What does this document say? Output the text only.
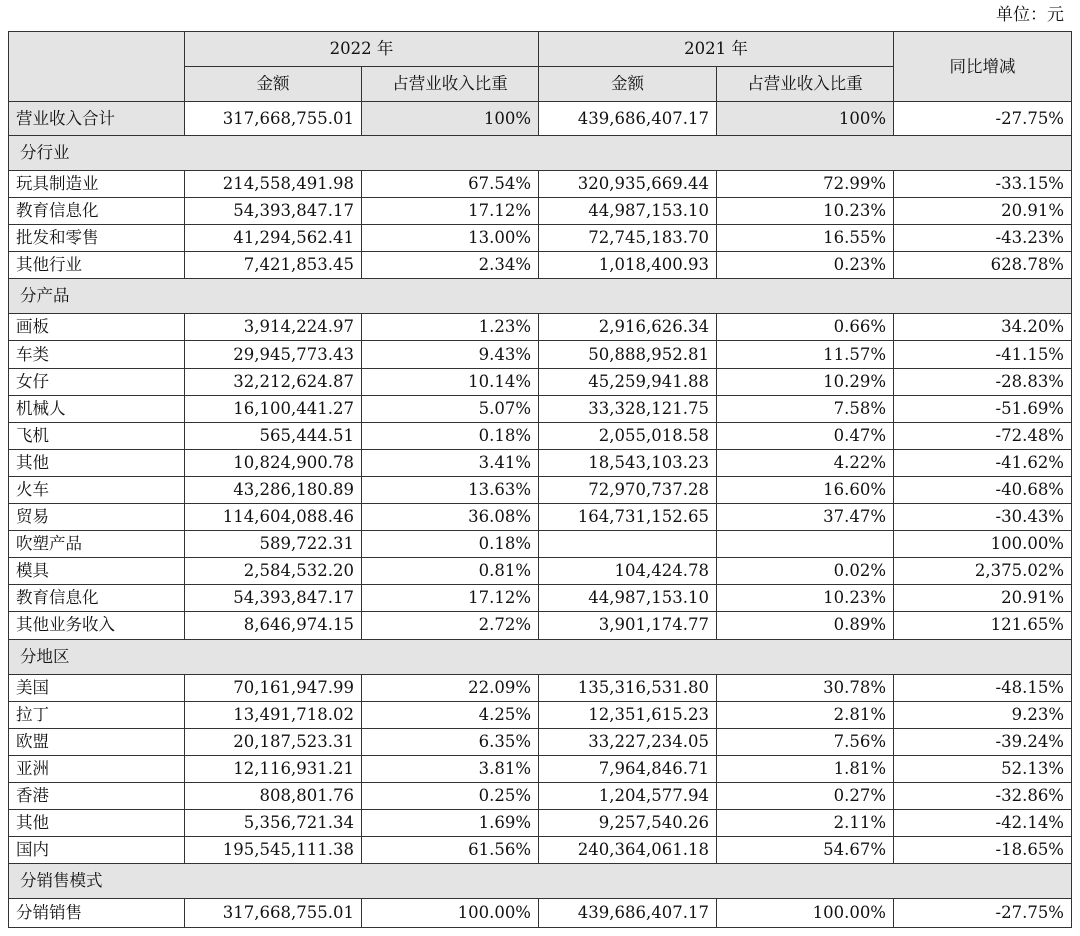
单位：元
	2022 年		2021 年		同比增减
	金额	占营业收入比重	金额	占营业收入比重	
营业收入合计	317,668,755.01	100%	439,686,407.17	100%	-27.75%
分行业					
玩具制造业	214,558,491.98	67.54%	320,935,669.44	72.99%	-33.15%
教育信息化	54,393,847.17	17.12%	44,987,153.10	10.23%	20.91%
批发和零售	41,294,562.41	13.00%	72,745,183.70	16.55%	-43.23%
其他行业	7,421,853.45	2.34%	1,018,400.93	0.23%	628.78%
分产品					
画板	3,914,224.97	1.23%	2,916,626.34	0.66%	34.20%
车类	29,945,773.43	9.43%	50,888,952.81	11.57%	-41.15%
女仔	32,212,624.87	10.14%	45,259,941.88	10.29%	-28.83%
机械人	16,100,441.27	5.07%	33,328,121.75	7.58%	-51.69%
飞机	565,444.51	0.18%	2,055,018.58	0.47%	-72.48%
其他	10,824,900.78	3.41%	18,543,103.23	4.22%	-41.62%
火车	43,286,180.89	13.63%	72,970,737.28	16.60%	-40.68%
贸易	114,604,088.46	36.08%	164,731,152.65	37.47%	-30.43%
吹塑产品	589,722.31	0.18%			100.00%
模具	2,584,532.20	0.81%	104,424.78	0.02%	2,375.02%
教育信息化	54,393,847.17	17.12%	44,987,153.10	10.23%	20.91%
其他业务收入	8,646,974.15	2.72%	3,901,174.77	0.89%	121.65%
分地区					
美国	70,161,947.99	22.09%	135,316,531.80	30.78%	-48.15%
拉丁	13,491,718.02	4.25%	12,351,615.23	2.81%	9.23%
欧盟	20,187,523.31	6.35%	33,227,234.05	7.56%	-39.24%
亚洲	12,116,931.21	3.81%	7,964,846.71	1.81%	52.13%
香港	808,801.76	0.25%	1,204,577.94	0.27%	-32.86%
其他	5,356,721.34	1.69%	9,257,540.26	2.11%	-42.14%
国内	195,545,111.38	61.56%	240,364,061.18	54.67%	-18.65%
分销售模式					
分销销售	317,668,755.01	100.00%	439,686,407.17	100.00%	-27.75%
